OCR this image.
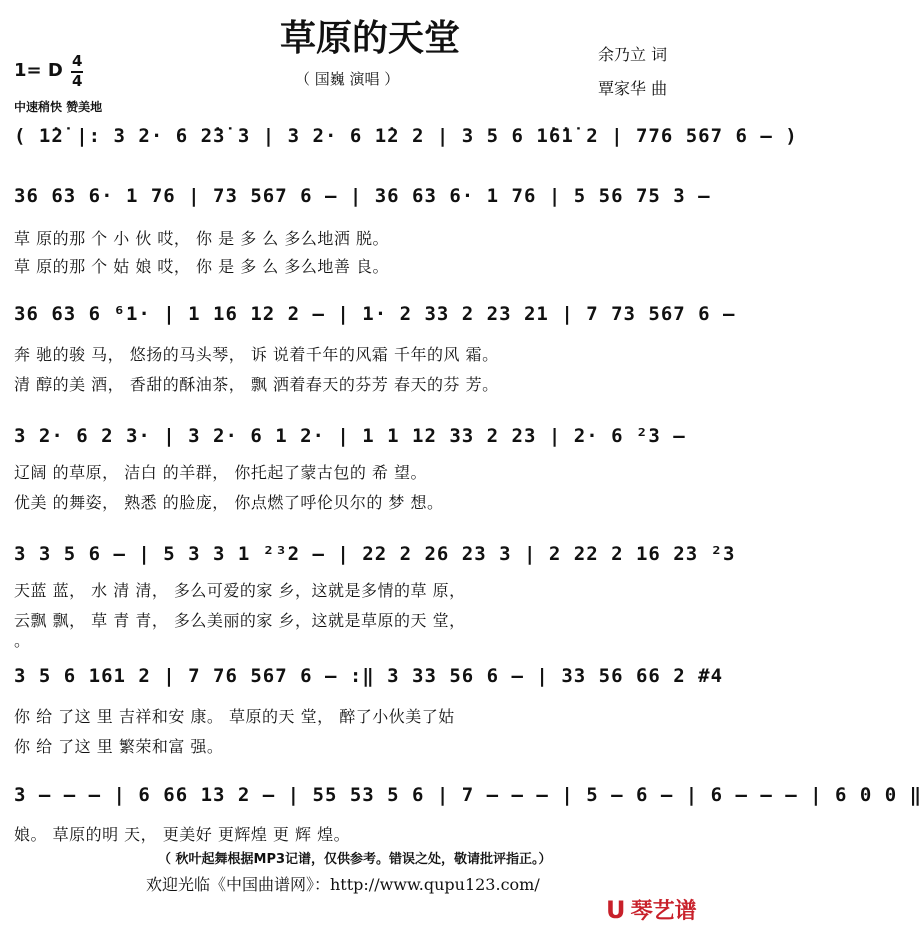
草原的天堂
（ 国巍 演唱 ）
余乃立 词
覃家华 曲
1= D 4
4
中速稍快 赞美地
( 1̇2̇ |: 3 2· 6 2̇3̇ 3 | 3 2· 6 1̇2 2 | 3 5 6 1̇6̇1̇ 2 | 776 567 6 – )
36 63 6· 1 76 | 73 567 6 – | 36 63 6· 1 76 | 5 56 75 3 –
草 原的那 个 小 伙 哎， 你 是 多 么 多么地洒 脱。
草 原的那 个 姑 娘 哎， 你 是 多 么 多么地善 良。
36 63 6 ⁶1· | 1 16 12 2 – | 1· 2 33 2 23 21 | 7 73 567 6 –
奔 驰的骏 马， 悠扬的马头琴， 诉 说着千年的风霜 千年的风 霜。
清 醇的美 酒， 香甜的酥油茶， 飘 洒着春天的芬芳 春天的芬 芳。
3 2· 6 2 3· | 3 2· 6 1 2· | 1 1 12 33 2 23 | 2· 6 ²3 –
辽阔 的草原， 洁白 的羊群， 你托起了蒙古包的 希 望。
优美 的舞姿， 熟悉 的脸庞， 你点燃了呼伦贝尔的 梦 想。
3 3 5 6 – | 5 3 3 1 ²³2 – | 22 2 26 23 3 | 2 22 2 16 23 ²3
天蓝 蓝， 水 清 清， 多么可爱的家 乡，这就是多情的草 原，
云飘 飘， 草 青 青， 多么美丽的家 乡，这就是草原的天 堂，
。
3 5 6 161 2 | 7 76 567 6 – :‖ 3 33 56 6 – | 33 56 66 2 #4
你 给 了这 里 吉祥和安 康。 草原的天 堂， 醉了小伙美了姑
你 给 了这 里 繁荣和富 强。
3 – – – | 6 66 13 2 – | 55 53 5 6 | 7 – – – | 5 – 6 – | 6 – – – | 6 0 0 ‖
娘。 草原的明 天， 更美好 更辉煌 更 辉 煌。
（ 秋叶起舞根据MP3记谱，仅供参考。错误之处，敬请批评指正。）
欢迎光临《中国曲谱网》：http://www.qupu123.com/
ᑌ 琴艺谱
